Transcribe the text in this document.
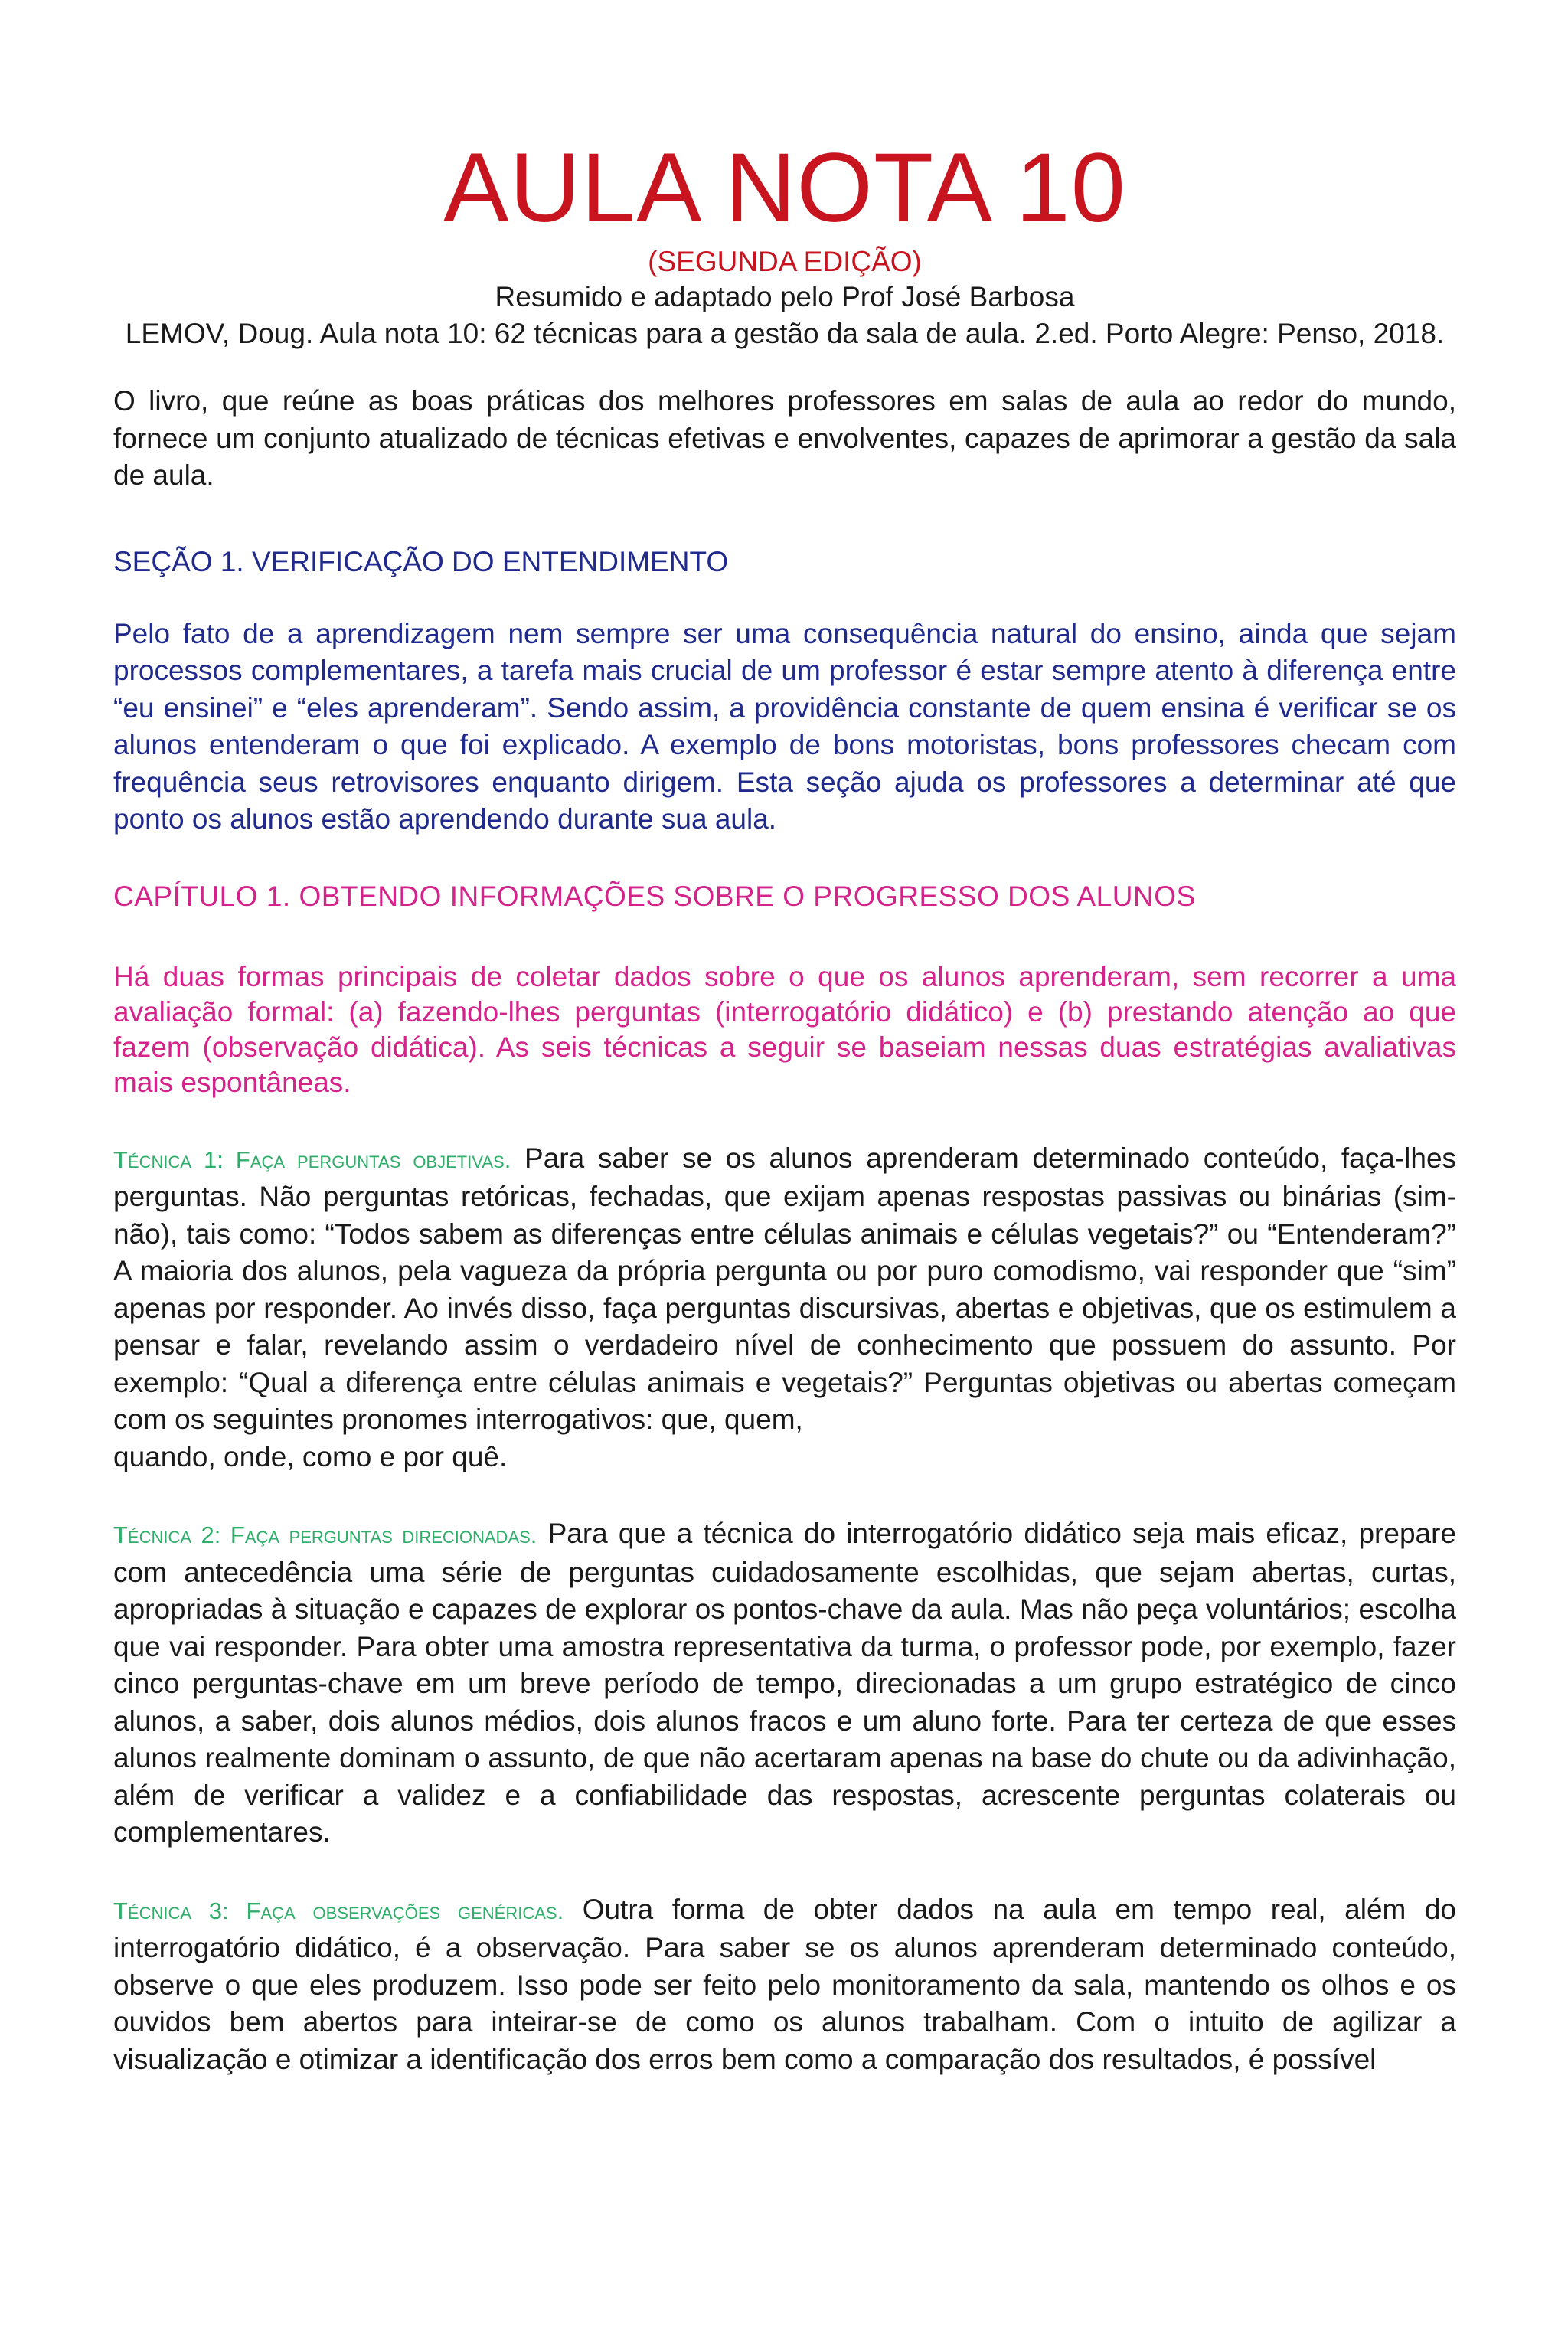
AULA NOTA 10
(SEGUNDA EDIÇÃO)
Resumido e adaptado pelo Prof José Barbosa
LEMOV, Doug. Aula nota 10: 62 técnicas para a gestão da sala de aula. 2.ed. Porto Alegre: Penso, 2018.

O livro, que reúne as boas práticas dos melhores professores em salas de aula ao redor do mundo, fornece um conjunto atualizado de técnicas efetivas e envolventes, capazes de aprimorar a gestão da sala de aula.

SEÇÃO 1. VERIFICAÇÃO DO ENTENDIMENTO

Pelo fato de a aprendizagem nem sempre ser uma consequência natural do ensino, ainda que sejam processos complementares, a tarefa mais crucial de um professor é estar sempre atento à diferença entre “eu ensinei” e “eles aprenderam”. Sendo assim, a providência constante de quem ensina é verificar se os alunos entenderam o que foi explicado. A exemplo de bons motoristas, bons professores checam com frequência seus retrovisores enquanto dirigem. Esta seção ajuda os professores a determinar até que ponto os alunos estão aprendendo durante sua aula.

CAPÍTULO 1. OBTENDO INFORMAÇÕES SOBRE O PROGRESSO DOS ALUNOS

Há duas formas principais de coletar dados sobre o que os alunos aprenderam, sem recorrer a uma avaliação formal: (a) fazendo-lhes perguntas (interrogatório didático) e (b) prestando atenção ao que fazem (observação didática). As seis técnicas a seguir se baseiam nessas duas estratégias avaliativas mais espontâneas.

Técnica 1: Faça perguntas objetivas. Para saber se os alunos aprenderam determinado conteúdo, faça-lhes perguntas. Não perguntas retóricas, fechadas, que exijam apenas respostas passivas ou binárias (sim-não), tais como: “Todos sabem as diferenças entre células animais e células vegetais?” ou “Entenderam?” A maioria dos alunos, pela vagueza da própria pergunta ou por puro comodismo, vai responder que “sim” apenas por responder. Ao invés disso, faça perguntas discursivas, abertas e objetivas, que os estimulem a pensar e falar, revelando assim o verdadeiro nível de conhecimento que possuem do assunto. Por exemplo: “Qual a diferença entre células animais e vegetais?” Perguntas objetivas ou abertas começam com os seguintes pronomes interrogativos: que, quem,

quando, onde, como e por quê.

Técnica 2: Faça perguntas direcionadas. Para que a técnica do interrogatório didático seja mais eficaz, prepare com antecedência uma série de perguntas cuidadosamente escolhidas, que sejam abertas, curtas, apropriadas à situação e capazes de explorar os pontos-chave da aula. Mas não peça voluntários; escolha que vai responder. Para obter uma amostra representativa da turma, o professor pode, por exemplo, fazer cinco perguntas-chave em um breve período de tempo, direcionadas a um grupo estratégico de cinco alunos, a saber, dois alunos médios, dois alunos fracos e um aluno forte. Para ter certeza de que esses alunos realmente dominam o assunto, de que não acertaram apenas na base do chute ou da adivinhação, além de verificar a validez e a confiabilidade das respostas, acrescente perguntas colaterais ou complementares.

Técnica 3: Faça observações genéricas. Outra forma de obter dados na aula em tempo real, além do interrogatório didático, é a observação. Para saber se os alunos aprenderam determinado conteúdo, observe o que eles produzem. Isso pode ser feito pelo monitoramento da sala, mantendo os olhos e os ouvidos bem abertos para inteirar-se de como os alunos trabalham. Com o intuito de agilizar a visualização e otimizar a identificação dos erros bem como a comparação dos resultados, é possível
